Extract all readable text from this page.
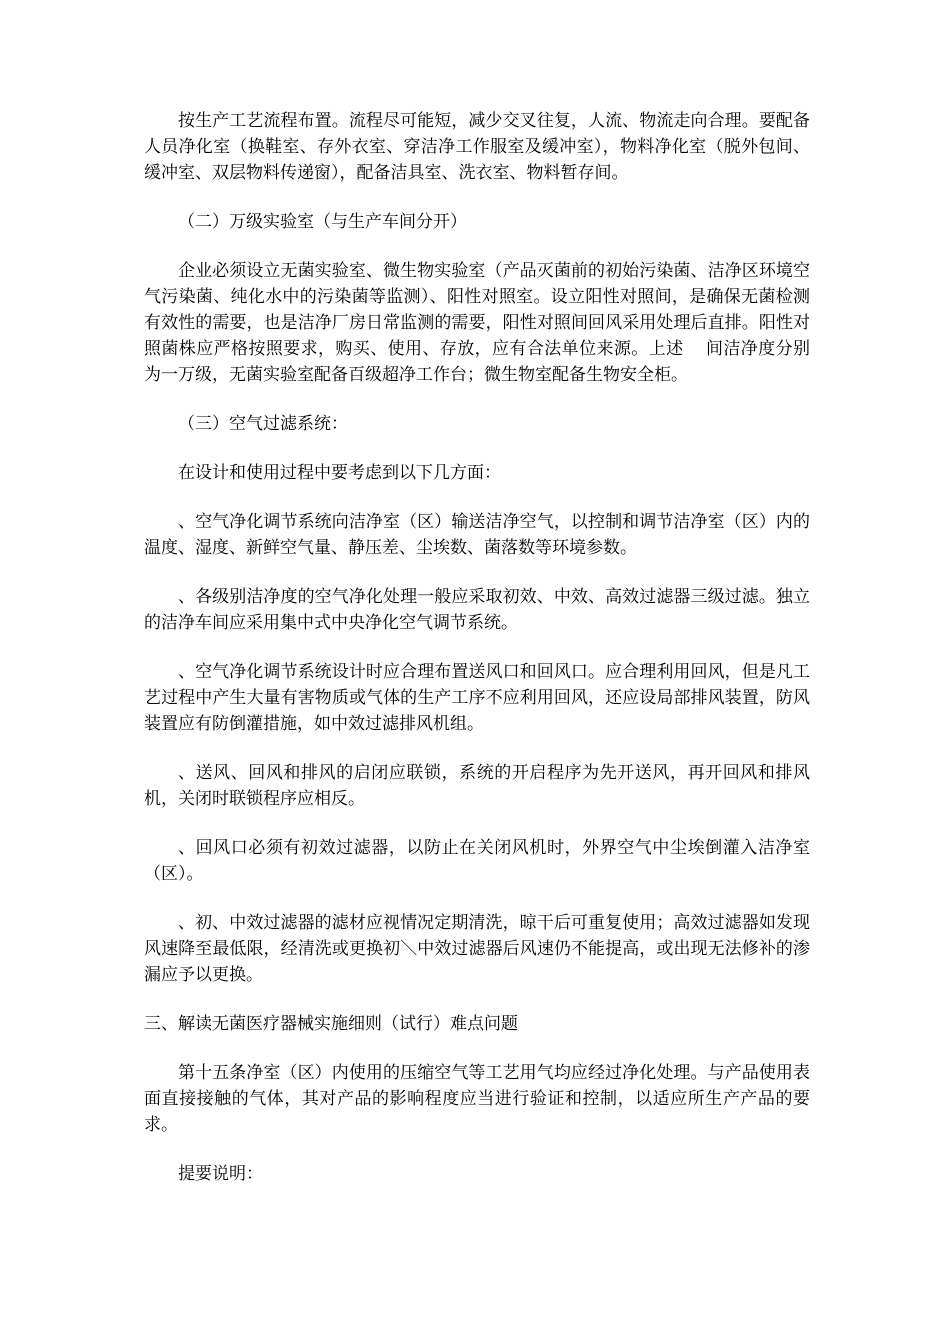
按生产工艺流程布置。流程尽可能短，减少交叉往复，人流、物流走向合理。要配备人员净化室（换鞋室、存外衣室、穿洁净工作服室及缓冲室），物料净化室（脱外包间、缓冲室、双层物料传递窗），配备洁具室、洗衣室、物料暂存间。

（二）万级实验室（与生产车间分开）

企业必须设立无菌实验室、微生物实验室（产品灭菌前的初始污染菌、洁净区环境空气污染菌、纯化水中的污染菌等监测）、阳性对照室。设立阳性对照间，是确保无菌检测有效性的需要，也是洁净厂房日常监测的需要，阳性对照间回风采用处理后直排。阳性对照菌株应严格按照要求，购买、使用、存放，应有合法单位来源。上述 间洁净度分别为一万级，无菌实验室配备百级超净工作台；微生物室配备生物安全柜。

（三）空气过滤系统：

在设计和使用过程中要考虑到以下几方面：

、空气净化调节系统向洁净室（区）输送洁净空气，以控制和调节洁净室（区）内的温度、湿度、新鲜空气量、静压差、尘埃数、菌落数等环境参数。

、各级别洁净度的空气净化处理一般应采取初效、中效、高效过滤器三级过滤。独立的洁净车间应采用集中式中央净化空气调节系统。

、空气净化调节系统设计时应合理布置送风口和回风口。应合理利用回风，但是凡工艺过程中产生大量有害物质或气体的生产工序不应利用回风，还应设局部排风装置，防风装置应有防倒灌措施，如中效过滤排风机组。

、送风、回风和排风的启闭应联锁，系统的开启程序为先开送风，再开回风和排风机，关闭时联锁程序应相反。

、回风口必须有初效过滤器，以防止在关闭风机时，外界空气中尘埃倒灌入洁净室（区）。

、初、中效过滤器的滤材应视情况定期清洗，晾干后可重复使用；高效过滤器如发现风速降至最低限，经清洗或更换初＼中效过滤器后风速仍不能提高，或出现无法修补的渗漏应予以更换。

三、解读无菌医疗器械实施细则（试行）难点问题

第十五条净室（区）内使用的压缩空气等工艺用气均应经过净化处理。与产品使用表面直接接触的气体，其对产品的影响程度应当进行验证和控制，以适应所生产产品的要求。

提要说明：
